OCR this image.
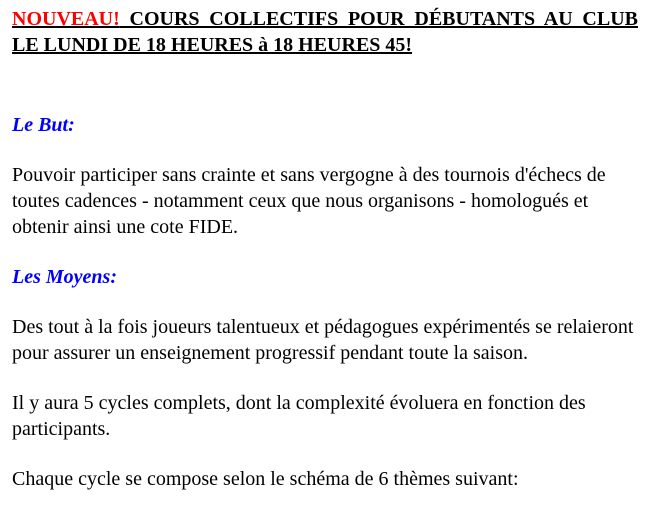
NOUVEAU! COURS COLLECTIFS POUR DÉBUTANTS AU CLUB LE LUNDI DE 18 HEURES à 18 HEURES 45!

Le But:

Pouvoir participer sans crainte et sans vergogne à des tournois d'échecs de toutes cadences - notamment ceux que nous organisons - homologués et obtenir ainsi une cote FIDE.

Les Moyens:

Des tout à la fois joueurs talentueux et pédagogues expérimentés se relaieront pour assurer un enseignement progressif pendant toute la saison.

Il y aura 5 cycles complets, dont la complexité évoluera en fonction des participants.

Chaque cycle se compose selon le schéma de 6 thèmes suivant:
